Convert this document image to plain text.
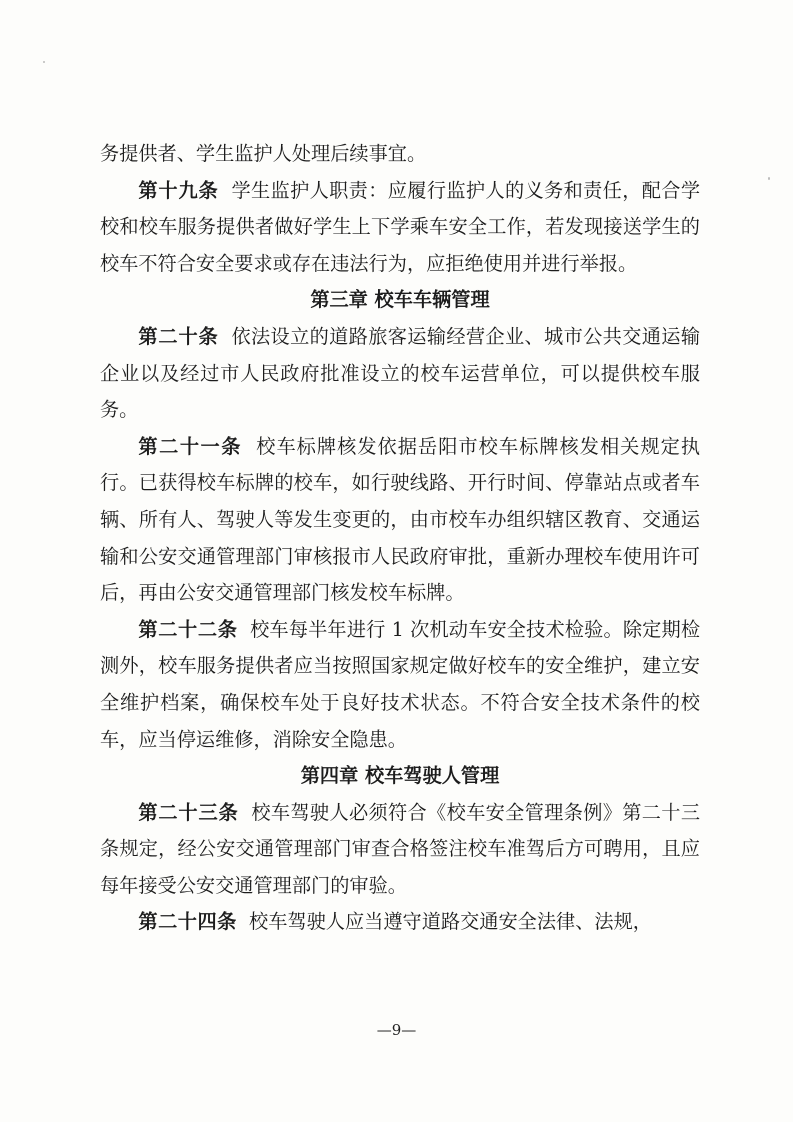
务提供者、学生监护人处理后续事宜。

第十九条 学生监护人职责：应履行监护人的义务和责任，配合学校和校车服务提供者做好学生上下学乘车安全工作，若发现接送学生的校车不符合安全要求或存在违法行为，应拒绝使用并进行举报。

第三章 校车车辆管理

第二十条 依法设立的道路旅客运输经营企业、城市公共交通运输企业以及经过市人民政府批准设立的校车运营单位，可以提供校车服务。

第二十一条 校车标牌核发依据岳阳市校车标牌核发相关规定执行。已获得校车标牌的校车，如行驶线路、开行时间、停靠站点或者车辆、所有人、驾驶人等发生变更的，由市校车办组织辖区教育、交通运输和公安交通管理部门审核报市人民政府审批，重新办理校车使用许可后，再由公安交通管理部门核发校车标牌。

第二十二条 校车每半年进行 1 次机动车安全技术检验。除定期检测外，校车服务提供者应当按照国家规定做好校车的安全维护，建立安全维护档案，确保校车处于良好技术状态。不符合安全技术条件的校车，应当停运维修，消除安全隐患。

第四章 校车驾驶人管理

第二十三条 校车驾驶人必须符合《校车安全管理条例》第二十三条规定，经公安交通管理部门审查合格签注校车准驾后方可聘用，且应每年接受公安交通管理部门的审验。

第二十四条 校车驾驶人应当遵守道路交通安全法律、法规，

—9—
